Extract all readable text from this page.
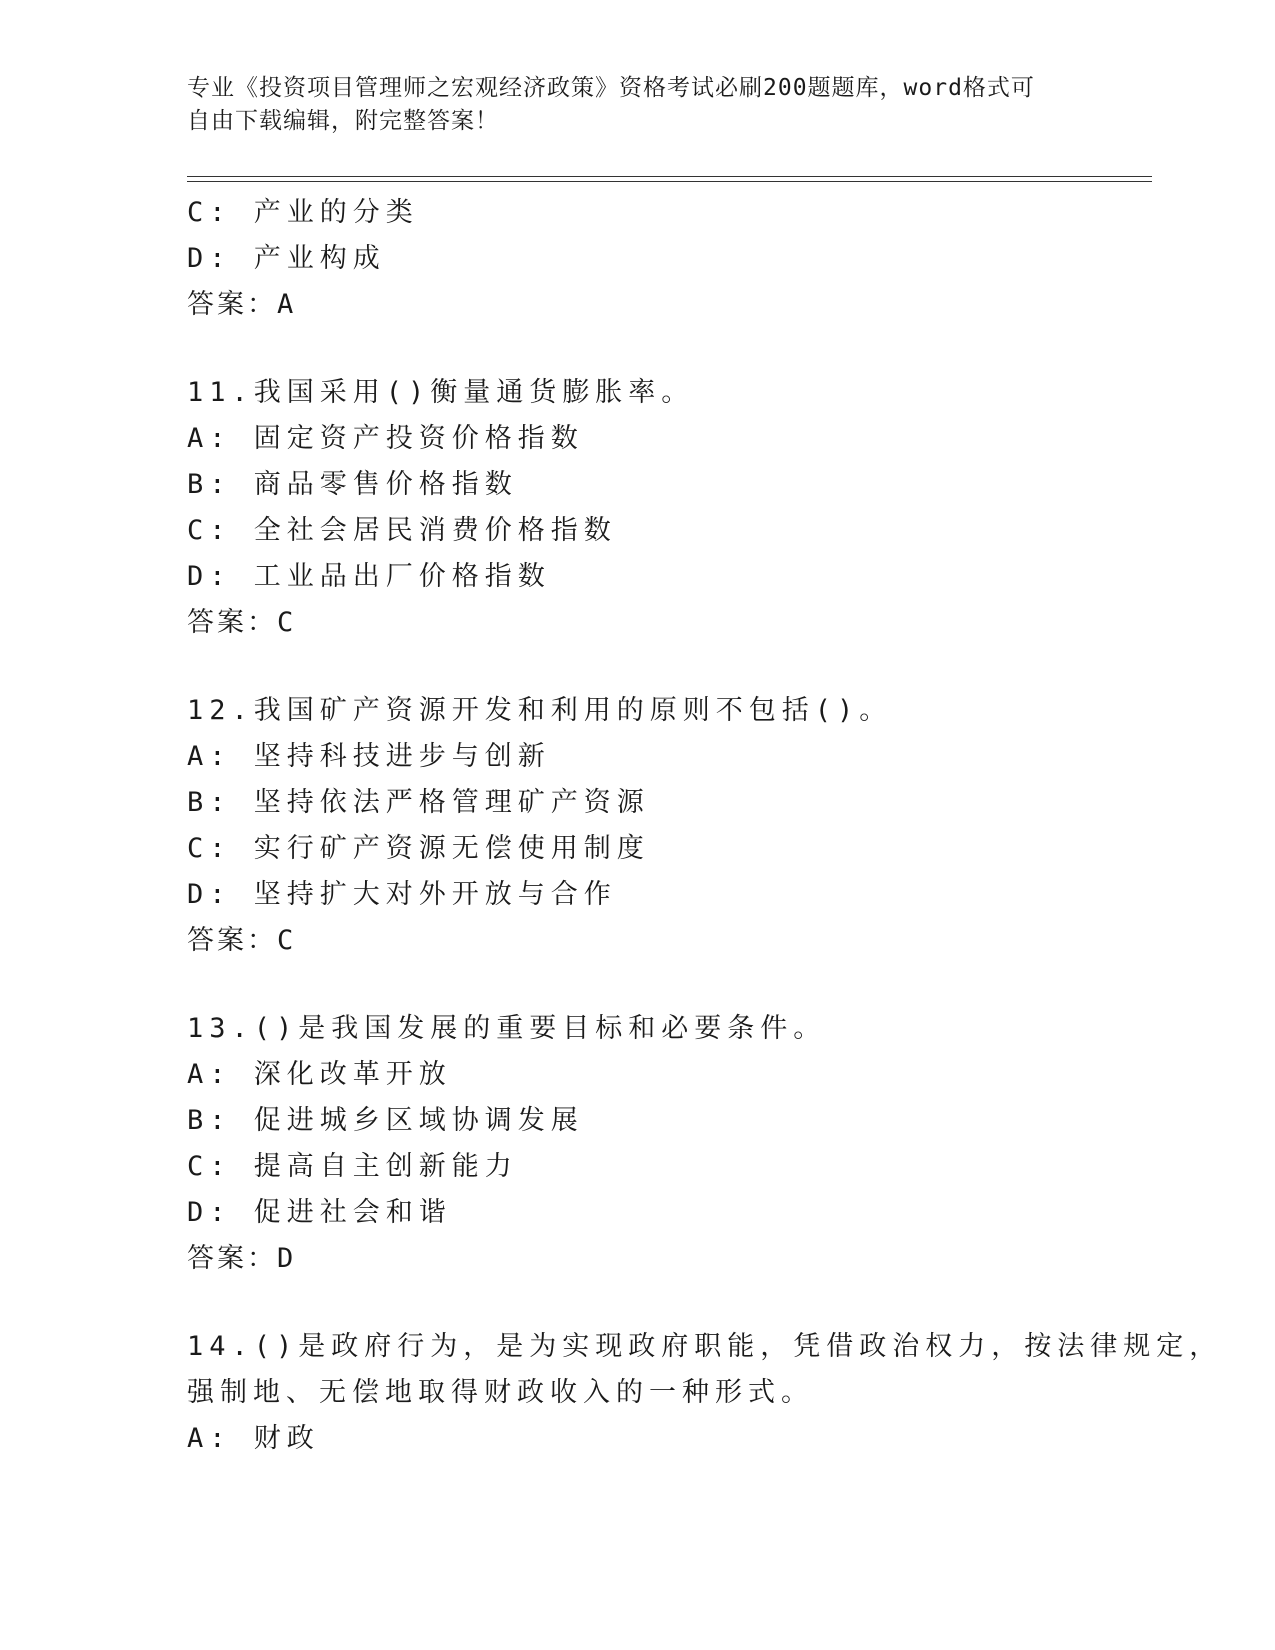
专业《投资项目管理师之宏观经济政策》资格考试必刷200题题库，word格式可
自由下载编辑，附完整答案！
C: 产业的分类
D: 产业构成
答案：A
11.我国采用()衡量通货膨胀率。
A: 固定资产投资价格指数
B: 商品零售价格指数
C: 全社会居民消费价格指数
D: 工业品出厂价格指数
答案：C
12.我国矿产资源开发和利用的原则不包括()。
A: 坚持科技进步与创新
B: 坚持依法严格管理矿产资源
C: 实行矿产资源无偿使用制度
D: 坚持扩大对外开放与合作
答案：C
13.()是我国发展的重要目标和必要条件。
A: 深化改革开放
B: 促进城乡区域协调发展
C: 提高自主创新能力
D: 促进社会和谐
答案：D
14.()是政府行为，是为实现政府职能，凭借政治权力，按法律规定，
强制地、无偿地取得财政收入的一种形式。
A: 财政
